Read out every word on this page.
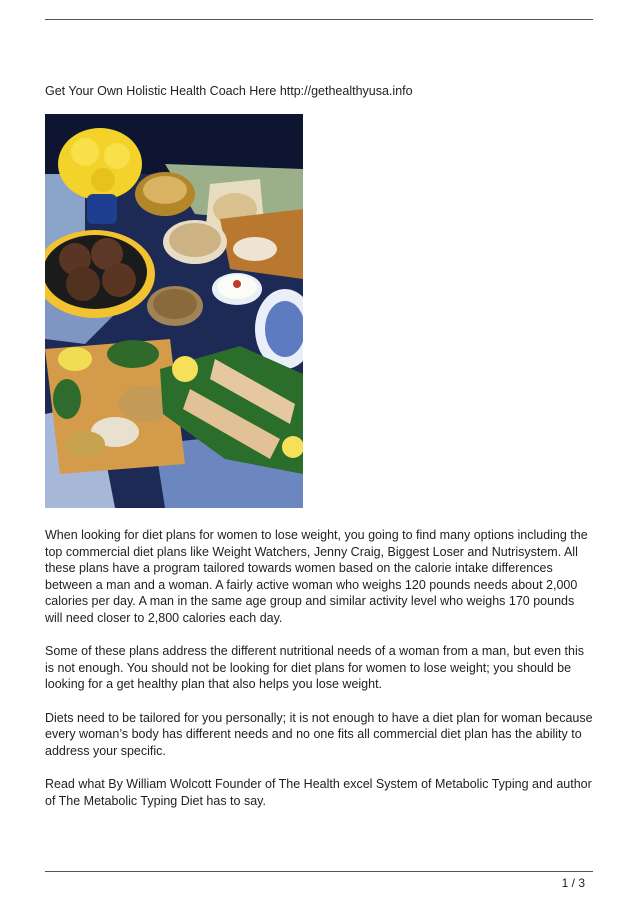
Get Your Own Holistic Health Coach Here http://gethealthyusa.info

When looking for diet plans for women to lose weight, you going to find many options including the top commercial diet plans like Weight Watchers, Jenny Craig, Biggest Loser and Nutrisystem. All these plans have a program tailored towards women based on the calorie intake differences between a man and a woman. A fairly active woman who weighs 120 pounds needs about 2,000 calories per day. A man in the same age group and similar activity level who weighs 170 pounds will need closer to 2,800 calories each day.

Some of these plans address the different nutritional needs of a woman from a man, but even this is not enough. You should not be looking for diet plans for women to lose weight; you should be looking for a get healthy plan that also helps you lose weight.

Diets need to be tailored for you personally; it is not enough to have a diet plan for woman because every woman’s body has different needs and no one fits all commercial diet plan has the ability to address your specific.

Read what By William Wolcott Founder of The Health excel System of Metabolic Typing and author of The Metabolic Typing Diet has to say.

1 / 3
